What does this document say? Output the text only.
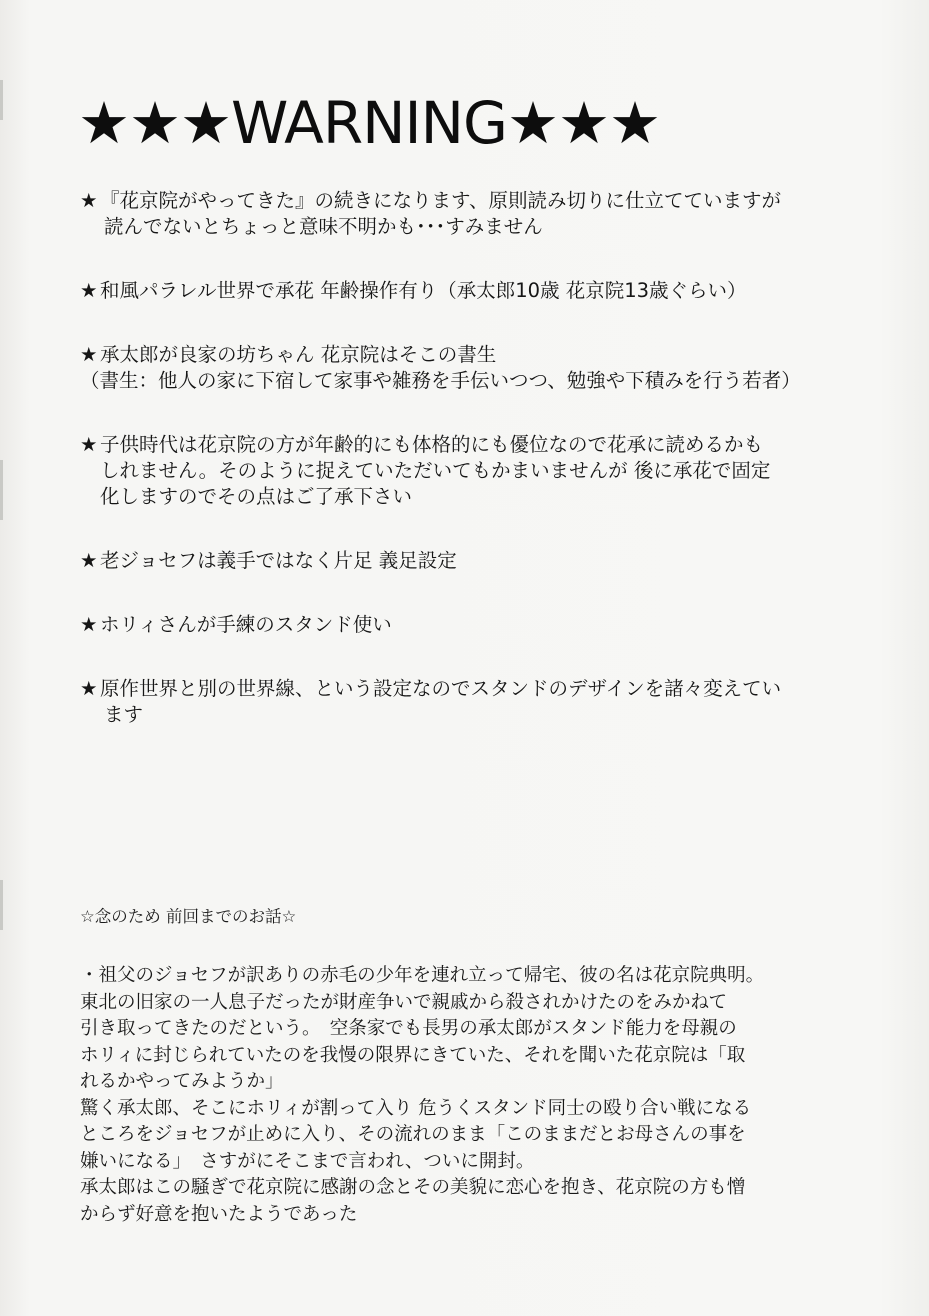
★★★WARNING★★★
★ 『花京院がやってきた』の続きになります、原則読み切りに仕立てていますが
読んでないとちょっと意味不明かも･･･すみません
★ 和風パラレル世界で承花 年齢操作有り（承太郎10歳 花京院13歳ぐらい）
★ 承太郎が良家の坊ちゃん 花京院はそこの書生
（書生：他人の家に下宿して家事や雑務を手伝いつつ、勉強や下積みを行う若者）
★ 子供時代は花京院の方が年齢的にも体格的にも優位なので花承に読めるかも
しれません。そのように捉えていただいてもかまいませんが 後に承花で固定
化しますのでその点はご了承下さい
★ 老ジョセフは義手ではなく片足 義足設定
★ ホリィさんが手練のスタンド使い
★ 原作世界と別の世界線、という設定なのでスタンドのデザインを諸々変えてい
ます
☆念のため 前回までのお話☆
・祖父のジョセフが訳ありの赤毛の少年を連れ立って帰宅、彼の名は花京院典明。
東北の旧家の一人息子だったが財産争いで親戚から殺されかけたのをみかねて
引き取ってきたのだという。　空条家でも長男の承太郎がスタンド能力を母親の
ホリィに封じられていたのを我慢の限界にきていた、それを聞いた花京院は「取
れるかやってみようか」
驚く承太郎、そこにホリィが割って入り 危うくスタンド同士の殴り合い戦になる
ところをジョセフが止めに入り、その流れのまま「このままだとお母さんの事を
嫌いになる」　さすがにそこまで言われ、ついに開封。
承太郎はこの騒ぎで花京院に感謝の念とその美貌に恋心を抱き、花京院の方も憎
からず好意を抱いたようであった
